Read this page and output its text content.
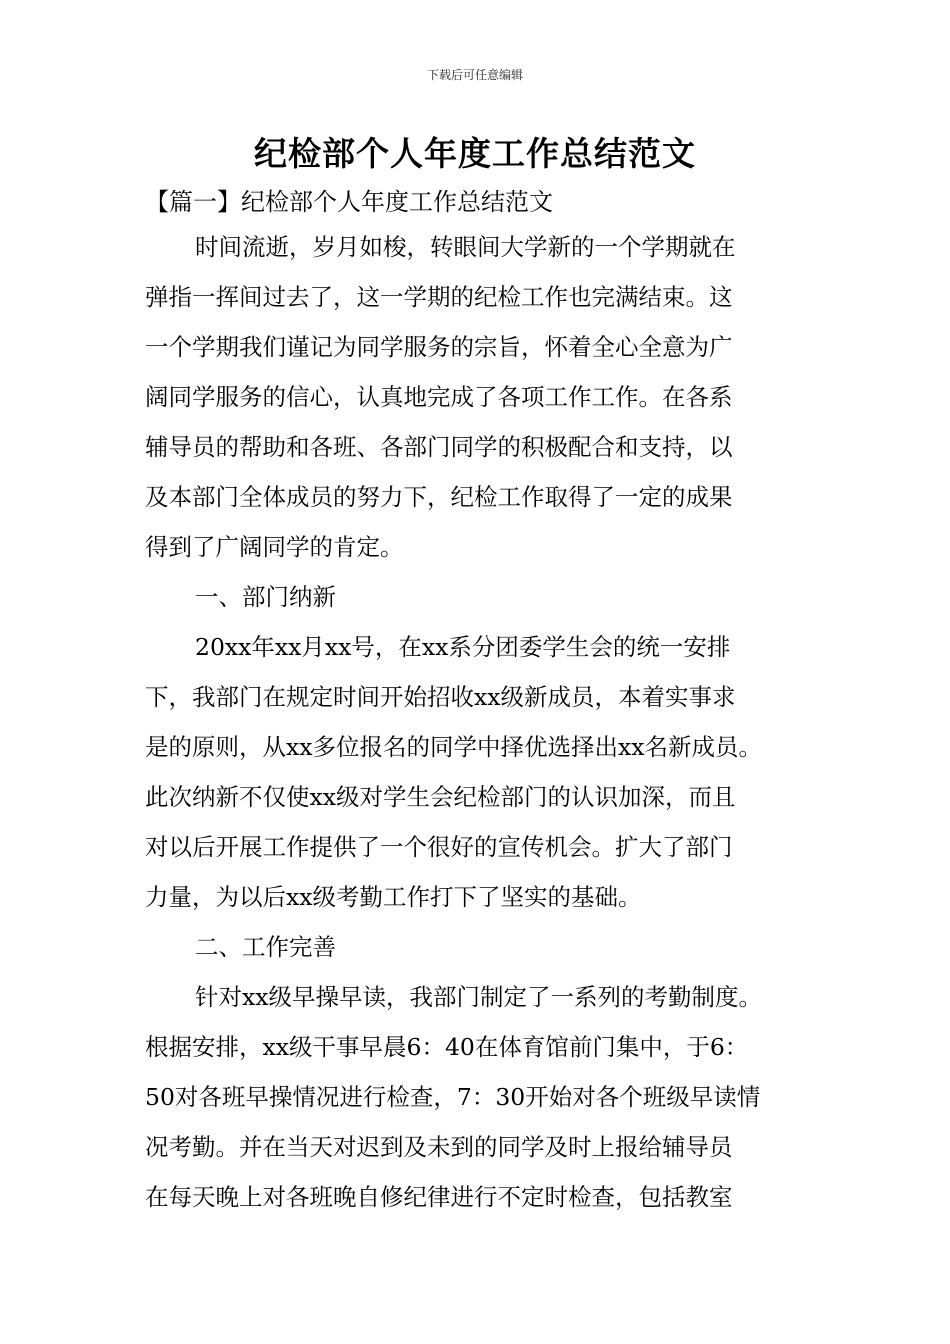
下载后可任意编辑
纪检部个人年度工作总结范文
【篇一】纪检部个人年度工作总结范文
时间流逝，岁月如梭，转眼间大学新的一个学期就在
弹指一挥间过去了，这一学期的纪检工作也完满结束。这
一个学期我们谨记为同学服务的宗旨，怀着全心全意为广
阔同学服务的信心，认真地完成了各项工作工作。在各系
辅导员的帮助和各班、各部门同学的积极配合和支持，以
及本部门全体成员的努力下，纪检工作取得了一定的成果
得到了广阔同学的肯定。
一、部门纳新
20xx年xx月xx号，在xx系分团委学生会的统一安排
下，我部门在规定时间开始招收xx级新成员，本着实事求
是的原则，从xx多位报名的同学中择优选择出xx名新成员。
此次纳新不仅使xx级对学生会纪检部门的认识加深，而且
对以后开展工作提供了一个很好的宣传机会。扩大了部门
力量，为以后xx级考勤工作打下了坚实的基础。
二、工作完善
针对xx级早操早读，我部门制定了一系列的考勤制度。
根据安排，xx级干事早晨6：40在体育馆前门集中，于6：
50对各班早操情况进行检查，7：30开始对各个班级早读情
况考勤。并在当天对迟到及未到的同学及时上报给辅导员
在每天晚上对各班晚自修纪律进行不定时检查，包括教室
